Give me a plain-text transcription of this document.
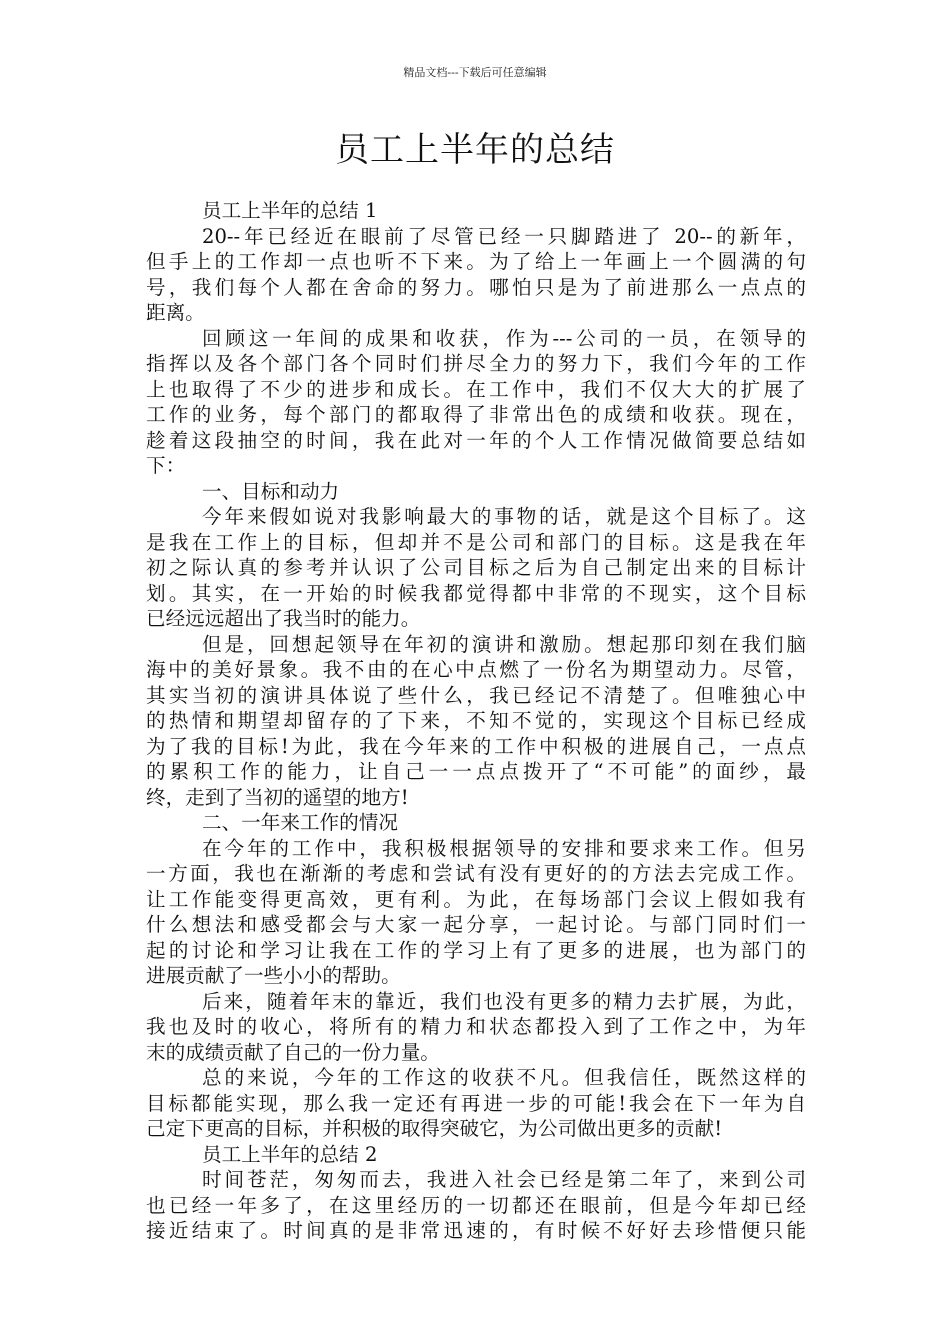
精品文档---下载后可任意编辑
员工上半年的总结
员工上半年的总结 1
20--年已经近在眼前了尽管已经一只脚踏进了 20--的新年，
但手上的工作却一点也听不下来。为了给上一年画上一个圆满的句
号，我们每个人都在舍命的努力。哪怕只是为了前进那么一点点的
距离。
回顾这一年间的成果和收获，作为---公司的一员，在领导的
指挥以及各个部门各个同时们拼尽全力的努力下，我们今年的工作
上也取得了不少的进步和成长。在工作中，我们不仅大大的扩展了
工作的业务，每个部门的都取得了非常出色的成绩和收获。现在，
趁着这段抽空的时间，我在此对一年的个人工作情况做简要总结如
下：
一、目标和动力
今年来假如说对我影响最大的事物的话，就是这个目标了。这
是我在工作上的目标，但却并不是公司和部门的目标。这是我在年
初之际认真的参考并认识了公司目标之后为自己制定出来的目标计
划。其实，在一开始的时候我都觉得都中非常的不现实，这个目标
已经远远超出了我当时的能力。
但是，回想起领导在年初的演讲和激励。想起那印刻在我们脑
海中的美好景象。我不由的在心中点燃了一份名为期望动力。尽管，
其实当初的演讲具体说了些什么，我已经记不清楚了。但唯独心中
的热情和期望却留存的了下来，不知不觉的，实现这个目标已经成
为了我的目标!为此，我在今年来的工作中积极的进展自己，一点点
的累积工作的能力，让自己一一点点拨开了“不可能”的面纱，最
终，走到了当初的遥望的地方!
二、一年来工作的情况
在今年的工作中，我积极根据领导的安排和要求来工作。但另
一方面，我也在渐渐的考虑和尝试有没有更好的的方法去完成工作。
让工作能变得更高效，更有利。为此，在每场部门会议上假如我有
什么想法和感受都会与大家一起分享，一起讨论。与部门同时们一
起的讨论和学习让我在工作的学习上有了更多的进展，也为部门的
进展贡献了一些小小的帮助。
后来，随着年末的靠近，我们也没有更多的精力去扩展，为此，
我也及时的收心，将所有的精力和状态都投入到了工作之中，为年
末的成绩贡献了自己的一份力量。
总的来说，今年的工作这的收获不凡。但我信任，既然这样的
目标都能实现，那么我一定还有再进一步的可能!我会在下一年为自
己定下更高的目标，并积极的取得突破它，为公司做出更多的贡献!
员工上半年的总结 2
时间苍茫，匆匆而去，我进入社会已经是第二年了，来到公司
也已经一年多了，在这里经历的一切都还在眼前，但是今年却已经
接近结束了。时间真的是非常迅速的，有时候不好好去珍惜便只能
